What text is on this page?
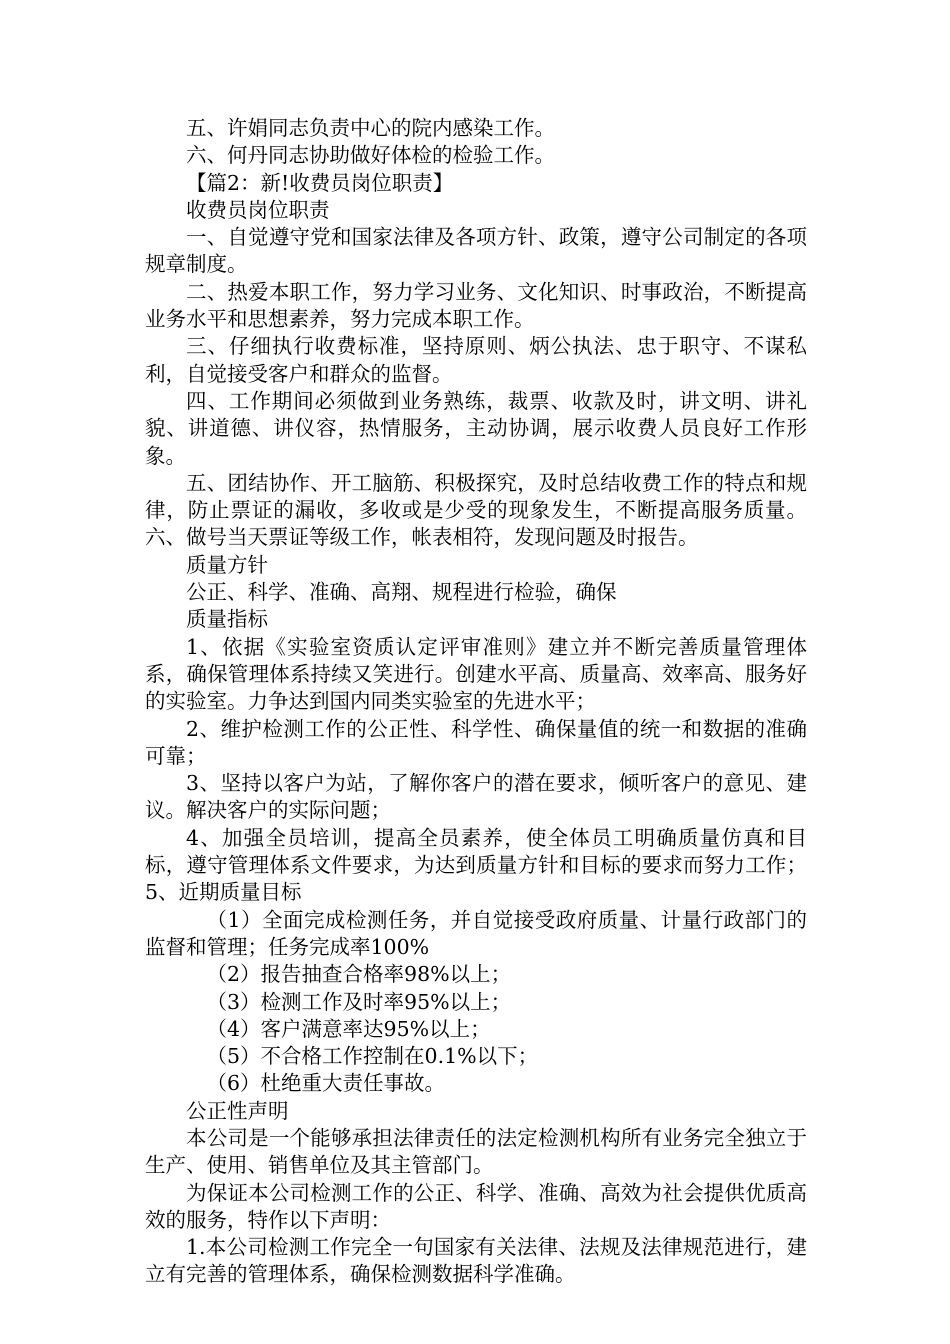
五、许娟同志负责中心的院内感染工作。

六、何丹同志协助做好体检的检验工作。

【篇2：新!收费员岗位职责】

收费员岗位职责

一、自觉遵守党和国家法律及各项方针、政策，遵守公司制定的各项规章制度。

二、热爱本职工作，努力学习业务、文化知识、时事政治，不断提高业务水平和思想素养，努力完成本职工作。

三、仔细执行收费标准，坚持原则、炳公执法、忠于职守、不谋私利，自觉接受客户和群众的监督。

四、工作期间必须做到业务熟练，裁票、收款及时，讲文明、讲礼貌、讲道德、讲仪容，热情服务，主动协调，展示收费人员良好工作形象。

五、团结协作、开工脑筋、积极探究，及时总结收费工作的特点和规律，防止票证的漏收，多收或是少受的现象发生，不断提高服务质量。    六、做号当天票证等级工作，帐表相符，发现问题及时报告。

质量方针

公正、科学、准确、高翔、规程进行检验，确保

质量指标

1、依据《实验室资质认定评审准则》建立并不断完善质量管理体系，确保管理体系持续又笑进行。创建水平高、质量高、效率高、服务好的实验室。力争达到国内同类实验室的先进水平；

2、维护检测工作的公正性、科学性、确保量值的统一和数据的准确可靠；

3、坚持以客户为站，了解你客户的潜在要求，倾听客户的意见、建议。解决客户的实际问题；

4、加强全员培训，提高全员素养，使全体员工明确质量仿真和目标，遵守管理体系文件要求，为达到质量方针和目标的要求而努力工作；    5、近期质量目标

（1）全面完成检测任务，并自觉接受政府质量、计量行政部门的监督和管理；任务完成率100%

（2）报告抽查合格率98%以上；

（3）检测工作及时率95%以上；

（4）客户满意率达95%以上；

（5）不合格工作控制在0.1%以下；

（6）杜绝重大责任事故。

公正性声明

本公司是一个能够承担法律责任的法定检测机构所有业务完全独立于生产、使用、销售单位及其主管部门。

为保证本公司检测工作的公正、科学、准确、高效为社会提供优质高效的服务，特作以下声明：

1.本公司检测工作完全一句国家有关法律、法规及法律规范进行，建立有完善的管理体系，确保检测数据科学准确。
